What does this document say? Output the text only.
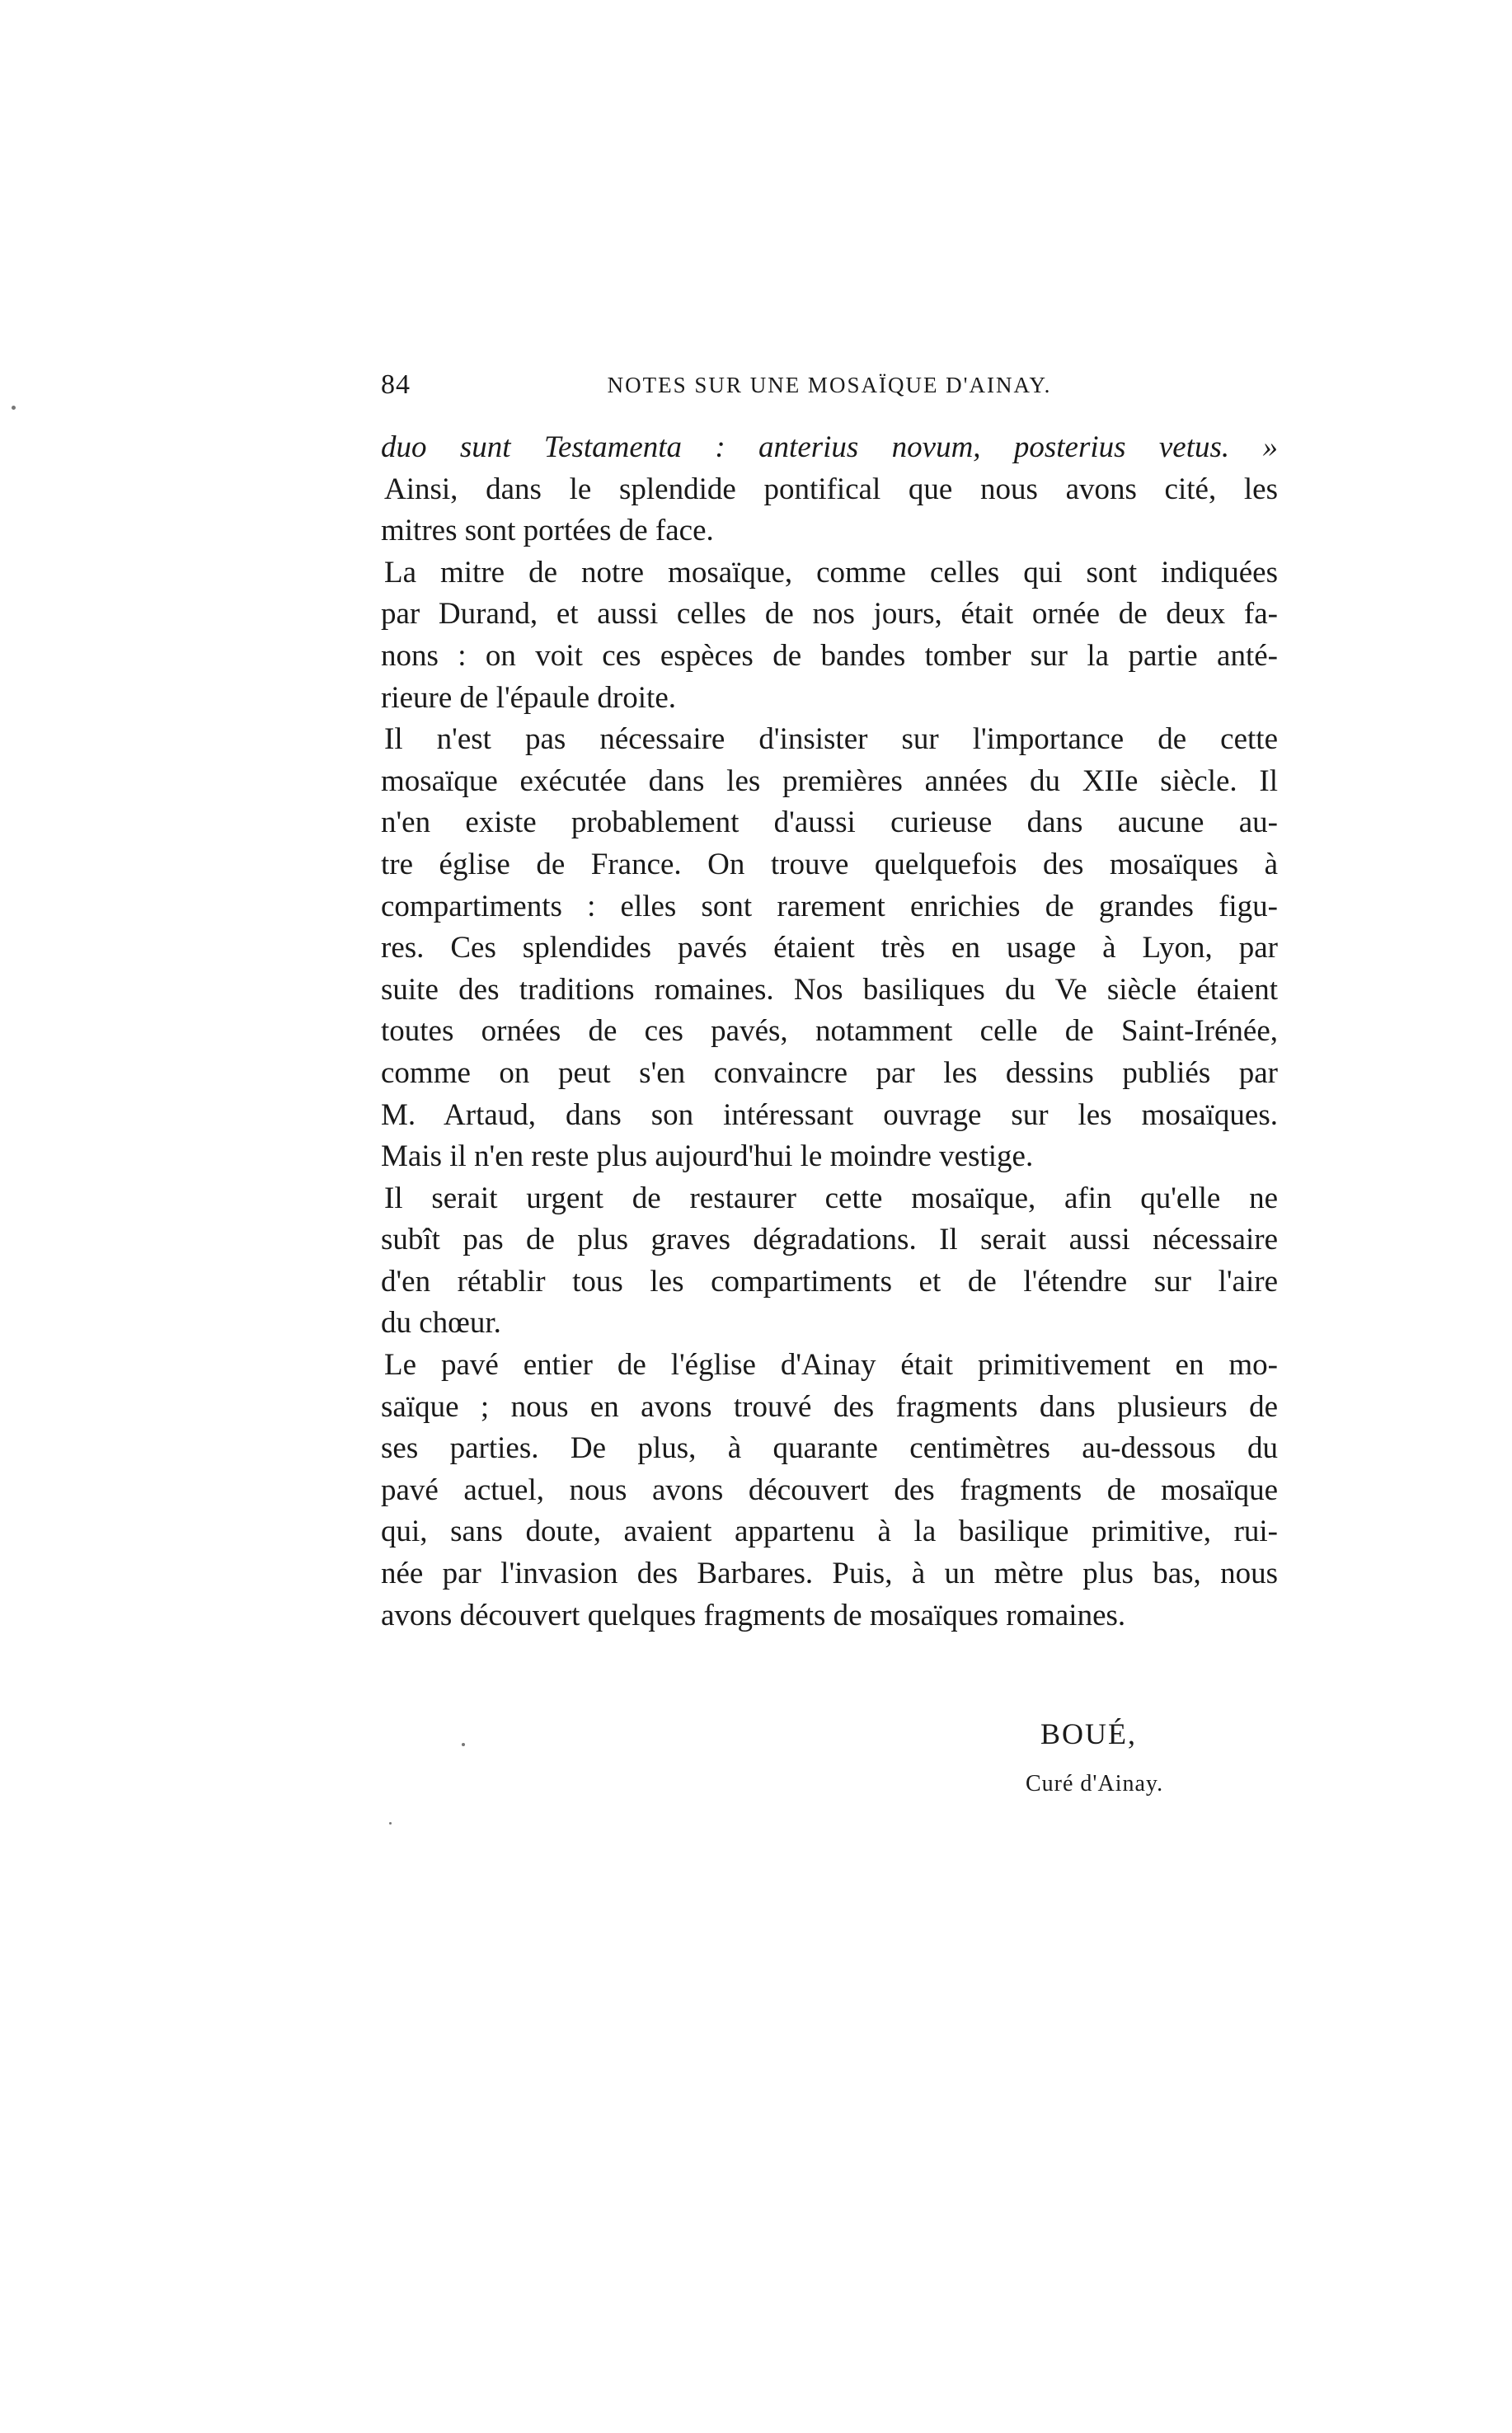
84	NOTES SUR UNE MOSAÏQUE D'AINAY.
duo sunt Testamenta : anterius novum, posterius vetus. »
Ainsi, dans le splendide pontifical que nous avons cité, les
mitres sont portées de face.
La mitre de notre mosaïque, comme celles qui sont indiquées
par Durand, et aussi celles de nos jours, était ornée de deux fa-
nons : on voit ces espèces de bandes tomber sur la partie anté-
rieure de l'épaule droite.
Il n'est pas nécessaire d'insister sur l'importance de cette
mosaïque exécutée dans les premières années du XIIe siècle. Il
n'en existe probablement d'aussi curieuse dans aucune au-
tre église de France. On trouve quelquefois des mosaïques à
compartiments : elles sont rarement enrichies de grandes figu-
res. Ces splendides pavés étaient très en usage à Lyon, par
suite des traditions romaines. Nos basiliques du Ve siècle étaient
toutes ornées de ces pavés, notamment celle de Saint-Irénée,
comme on peut s'en convaincre par les dessins publiés par
M. Artaud, dans son intéressant ouvrage sur les mosaïques.
Mais il n'en reste plus aujourd'hui le moindre vestige.
Il serait urgent de restaurer cette mosaïque, afin qu'elle ne
subît pas de plus graves dégradations. Il serait aussi nécessaire
d'en rétablir tous les compartiments et de l'étendre sur l'aire
du chœur.
Le pavé entier de l'église d'Ainay était primitivement en mo-
saïque ; nous en avons trouvé des fragments dans plusieurs de
ses parties. De plus, à quarante centimètres au-dessous du
pavé actuel, nous avons découvert des fragments de mosaïque
qui, sans doute, avaient appartenu à la basilique primitive, rui-
née par l'invasion des Barbares. Puis, à un mètre plus bas, nous
avons découvert quelques fragments de mosaïques romaines.
BOUÉ,
Curé d'Ainay.
